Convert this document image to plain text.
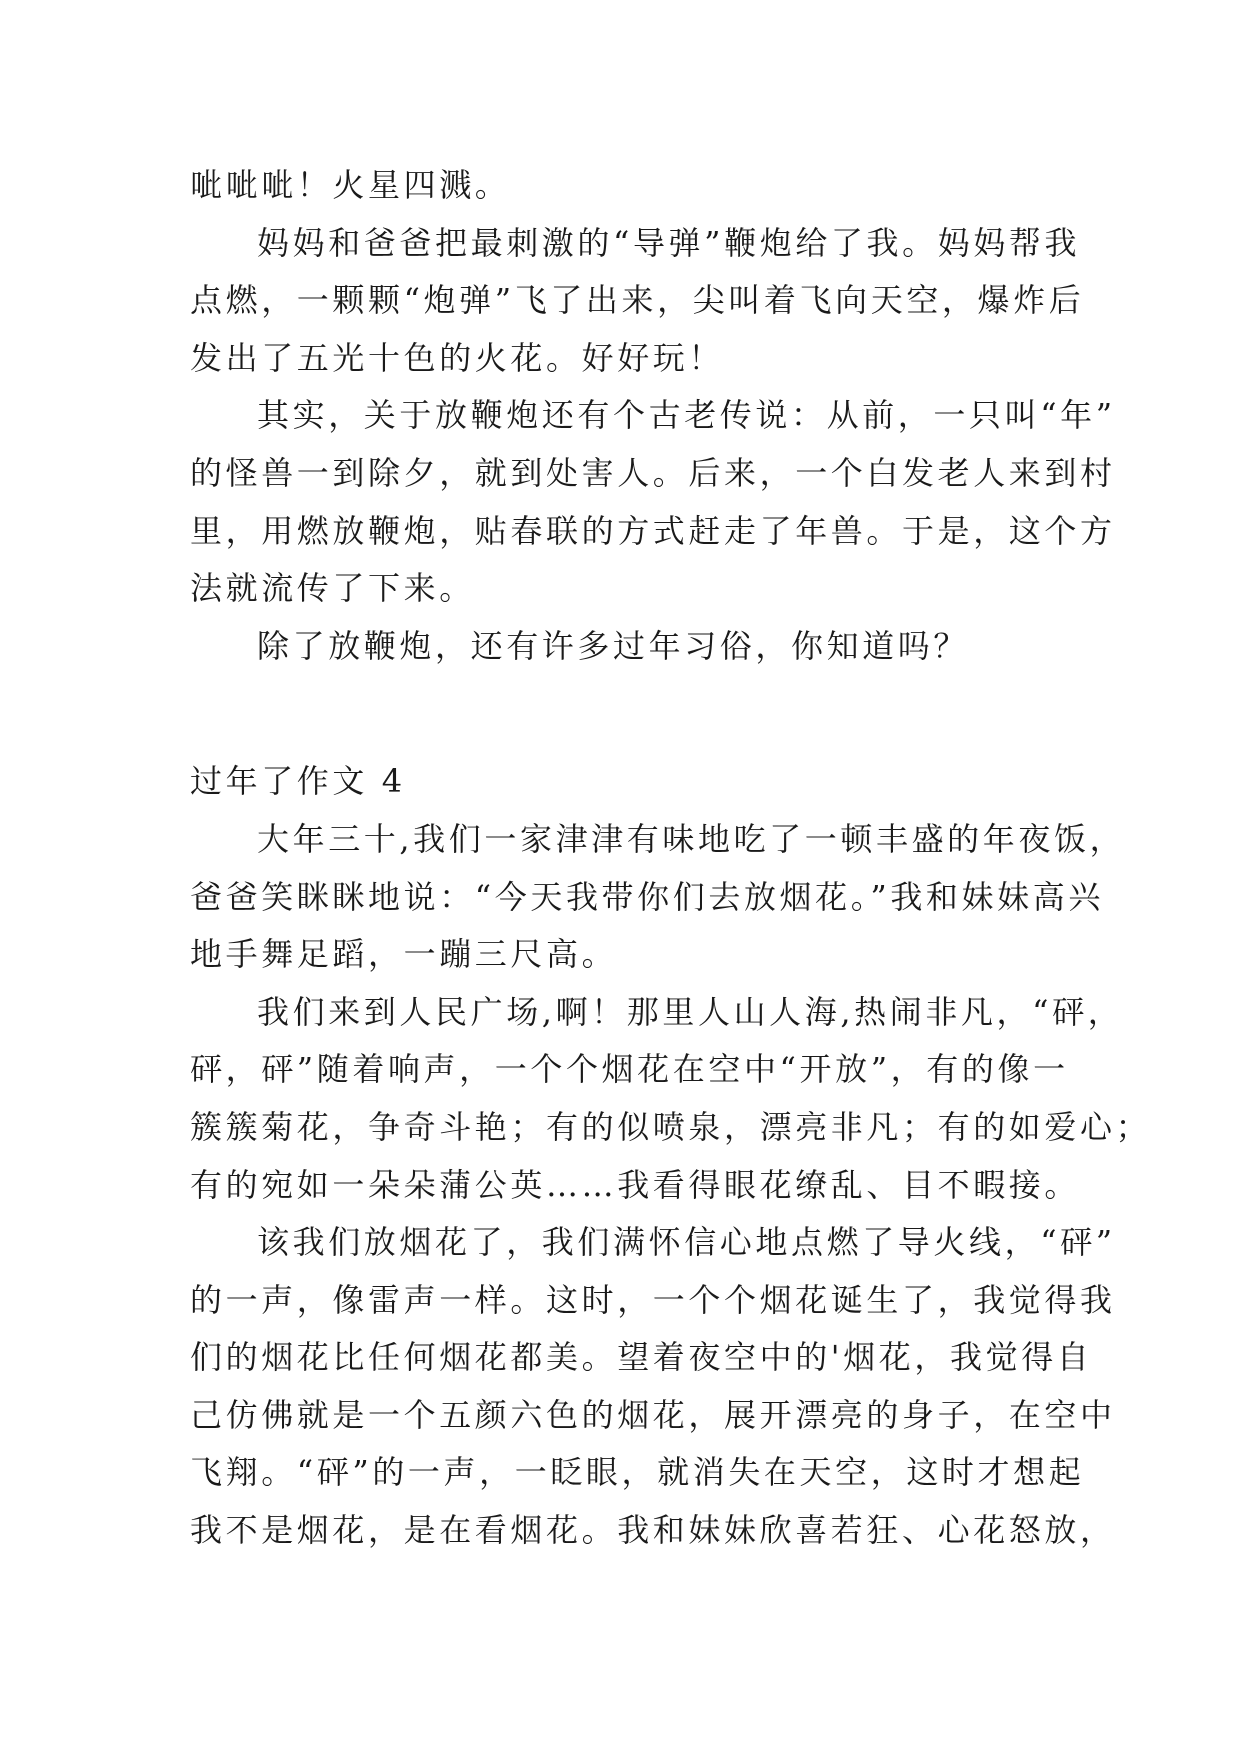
呲呲呲！火星四溅。
妈妈和爸爸把最刺激的“导弹”鞭炮给了我。妈妈帮我
点燃，一颗颗“炮弹”飞了出来，尖叫着飞向天空，爆炸后
发出了五光十色的火花。好好玩！
其实，关于放鞭炮还有个古老传说：从前，一只叫“年”
的怪兽一到除夕，就到处害人。后来，一个白发老人来到村
里，用燃放鞭炮，贴春联的方式赶走了年兽。于是，这个方
法就流传了下来。
除了放鞭炮，还有许多过年习俗，你知道吗？
过年了作文 4
大年三十,我们一家津津有味地吃了一顿丰盛的年夜饭，
爸爸笑眯眯地说：“今天我带你们去放烟花。”我和妹妹高兴
地手舞足蹈，一蹦三尺高。
我们来到人民广场,啊！那里人山人海,热闹非凡，“砰，
砰，砰”随着响声，一个个烟花在空中“开放”，有的像一
簇簇菊花，争奇斗艳；有的似喷泉，漂亮非凡；有的如爱心；
有的宛如一朵朵蒲公英……我看得眼花缭乱、目不暇接。
该我们放烟花了，我们满怀信心地点燃了导火线，“砰”
的一声，像雷声一样。这时，一个个烟花诞生了，我觉得我
们的烟花比任何烟花都美。望着夜空中的'烟花，我觉得自
己仿佛就是一个五颜六色的烟花，展开漂亮的身子，在空中
飞翔。“砰”的一声，一眨眼，就消失在天空，这时才想起
我不是烟花，是在看烟花。我和妹妹欣喜若狂、心花怒放，
